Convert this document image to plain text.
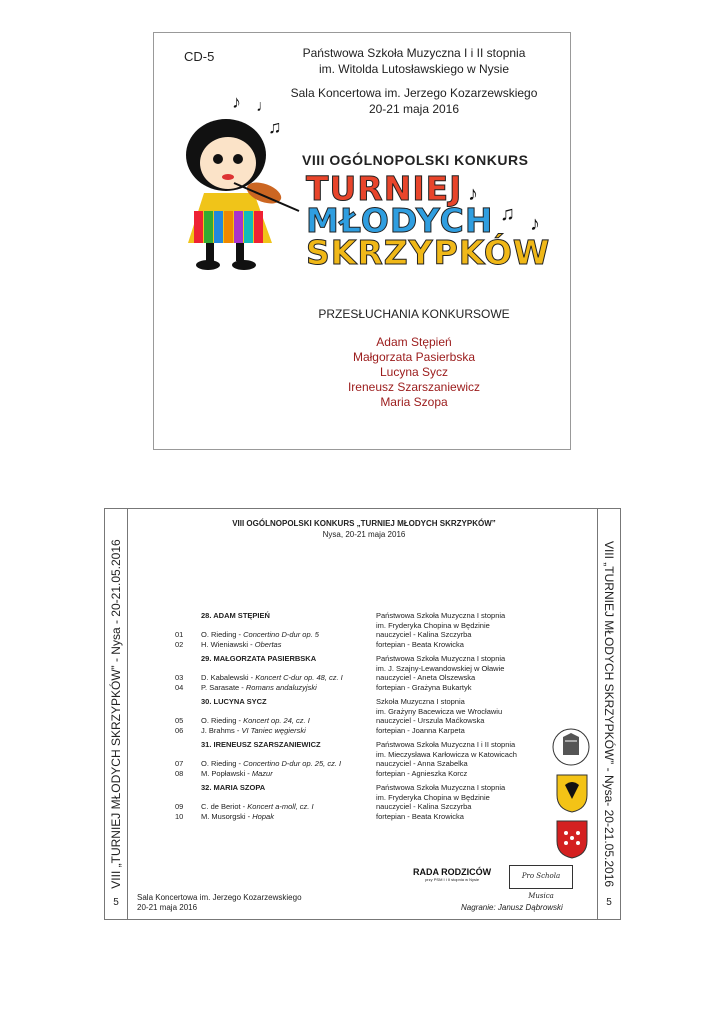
CD-5	Państwowa Szkoła Muzyczna I i II stopnia
im. Witolda Lutosławskiego w Nysie
Sala Koncertowa im. Jerzego Kozarzewskiego
20-21 maja 2016
♪ ♩
♫
VIII OGÓLNOPOLSKI KONKURS
TURNIEJ
MŁODYCH
SKRZYPKÓW
♪
♫ ♪
PRZESŁUCHANIA KONKURSOWE
Adam Stępień
Małgorzata Pasierbska
Lucyna Sycz
Ireneusz Szarszaniewicz
Maria Szopa
VIII „TURNIEJ MŁODYCH SKRZYPKÓW” - Nysa - 20-21.05.2016
5
VIII „TURNIEJ MŁODYCH SKRZYPKÓW” - Nysa- 20-21.05.2016
5
VIII OGÓLNOPOLSKI KONKURS „TURNIEJ MŁODYCH SKRZYPKÓW”
Nysa, 20-21 maja 2016
28. ADAM STĘPIEŃ	Państwowa Szkoła Muzyczna I stopnia
im. Fryderyka Chopina w Będzinie
01	O. Rieding - Concertino D-dur op. 5	nauczyciel - Kalina Szczyrba
02	H. Wieniawski - Obertas	fortepian - Beata Krowicka
29. MAŁGORZATA PASIERBSKA	Państwowa Szkoła Muzyczna I stopnia
im. J. Szajny-Lewandowskiej w Oławie
03	D. Kabalewski - Koncert C-dur op. 48, cz. I	nauczyciel - Aneta Olszewska
04	P. Sarasate - Romans andaluzyjski	fortepian - Grażyna Bukartyk
30. LUCYNA SYCZ	Szkoła Muzyczna I stopnia
im. Grażyny Bacewicza we Wrocławiu
05	O. Rieding - Koncert op. 24, cz. I	nauczyciel - Urszula Maćkowska
06	J. Brahms - VI Taniec węgierski	fortepian - Joanna Karpeta
31. IRENEUSZ SZARSZANIEWICZ	Państwowa Szkoła Muzyczna I i II stopnia
im. Mieczysława Karłowicza w Katowicach
07	O. Rieding - Concertino D-dur op. 25, cz. I	nauczyciel - Anna Szabelka
08	M. Popławski - Mazur	fortepian - Agnieszka Korcz
32. MARIA SZOPA	Państwowa Szkoła Muzyczna I stopnia
im. Fryderyka Chopina w Będzinie
09	C. de Beriot - Koncert a-moll, cz. I	nauczyciel - Kalina Szczyrba
10	M. Musorgski - Hopak	fortepian - Beata Krowicka
RADA RODZICÓW
przy PSM I i II stopnia w Nysie	Pro Schola Musica
Sala Koncertowa im. Jerzego Kozarzewskiego
20-21 maja 2016	Nagranie: Janusz Dąbrowski
